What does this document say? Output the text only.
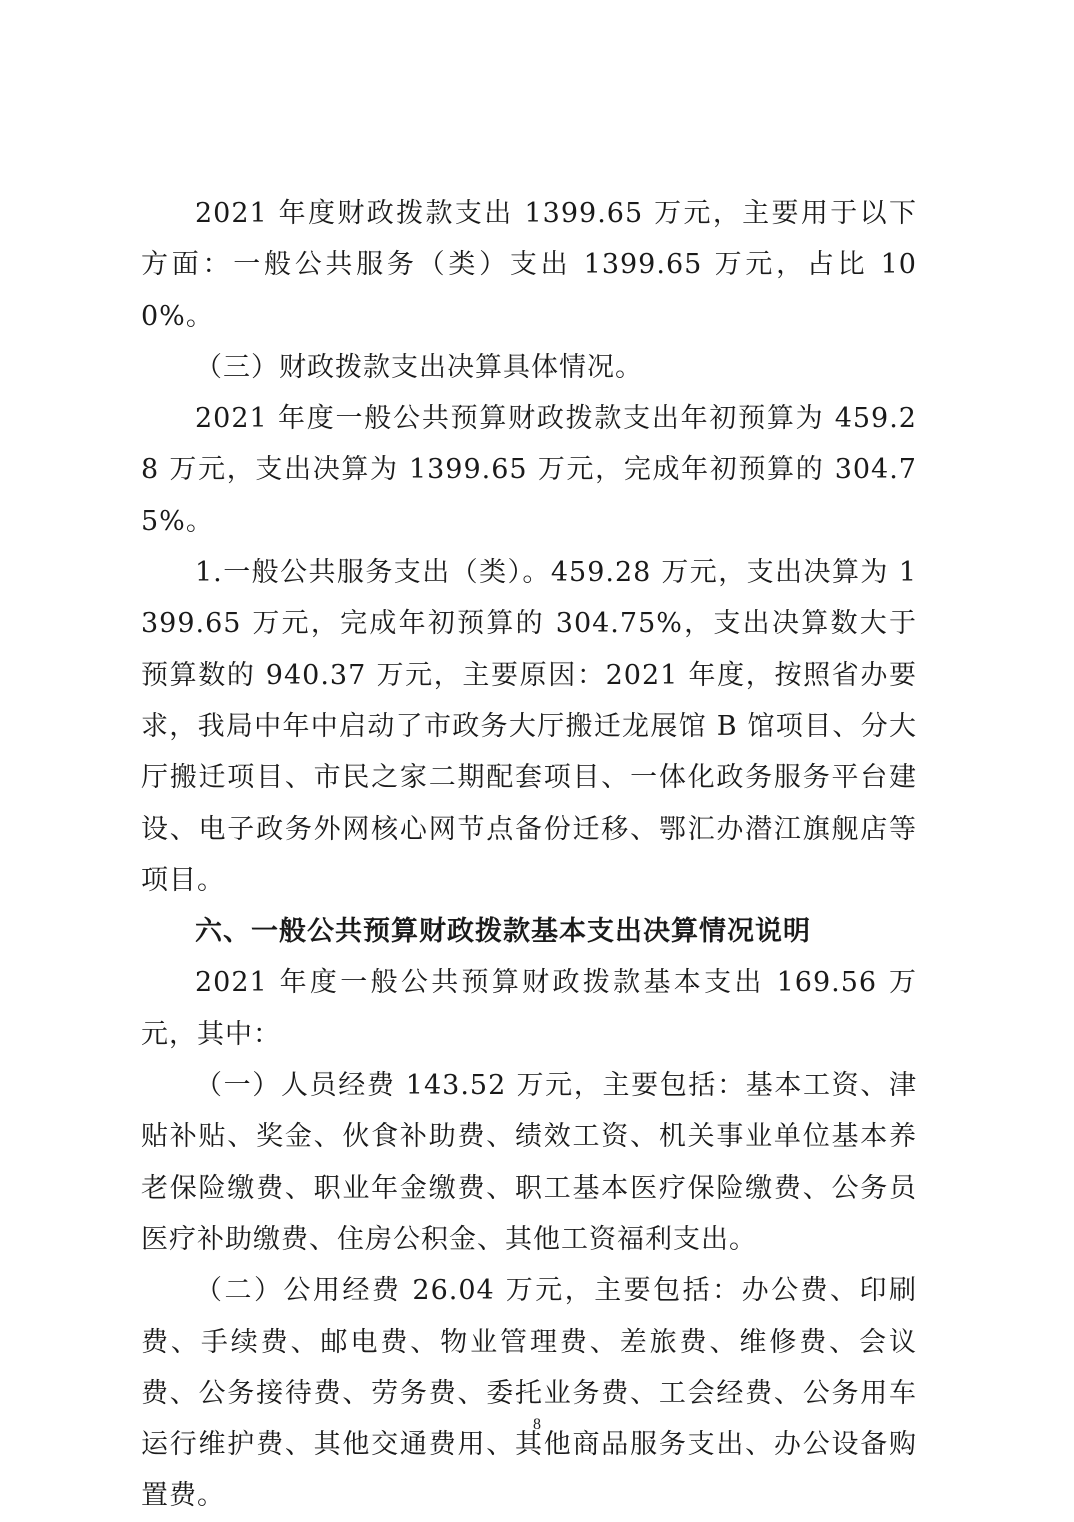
2021 年度财政拨款支出 1399.65 万元，主要用于以下方面：一般公共服务（类）支出 1399.65 万元，占比 100%。

（三）财政拨款支出决算具体情况。

2021 年度一般公共预算财政拨款支出年初预算为 459.28 万元，支出决算为 1399.65 万元，完成年初预算的 304.75%。

1.一般公共服务支出（类）。459.28 万元，支出决算为 1399.65 万元，完成年初预算的 304.75%，支出决算数大于预算数的 940.37 万元，主要原因：2021 年度，按照省办要求，我局中年中启动了市政务大厅搬迁龙展馆 B 馆项目、分大厅搬迁项目、市民之家二期配套项目、一体化政务服务平台建设、电子政务外网核心网节点备份迁移、鄂汇办潜江旗舰店等项目。

六、一般公共预算财政拨款基本支出决算情况说明

2021 年度一般公共预算财政拨款基本支出 169.56 万元，其中：

（一）人员经费 143.52 万元，主要包括：基本工资、津贴补贴、奖金、伙食补助费、绩效工资、机关事业单位基本养老保险缴费、职业年金缴费、职工基本医疗保险缴费、公务员医疗补助缴费、住房公积金、其他工资福利支出。

（二）公用经费 26.04 万元，主要包括：办公费、印刷费、手续费、邮电费、物业管理费、差旅费、维修费、会议费、公务接待费、劳务费、委托业务费、工会经费、公务用车运行维护费、其他交通费用、其他商品服务支出、办公设备购置费。

8
